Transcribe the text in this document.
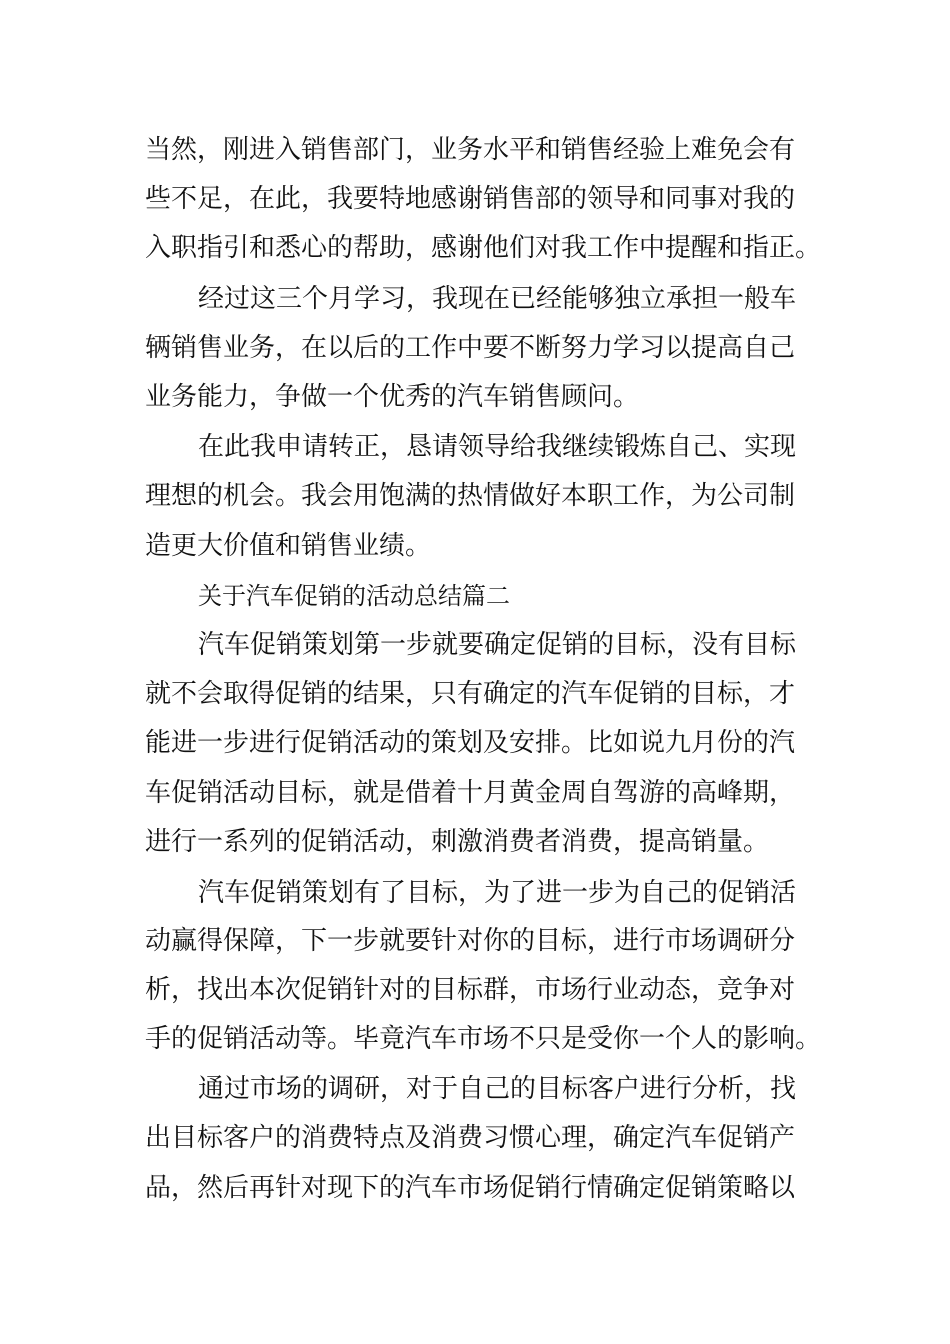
当然，刚进入销售部门，业务水平和销售经验上难免会有

些不足，在此，我要特地感谢销售部的领导和同事对我的

入职指引和悉心的帮助，感谢他们对我工作中提醒和指正。

经过这三个月学习，我现在已经能够独立承担一般车

辆销售业务，在以后的工作中要不断努力学习以提高自己

业务能力，争做一个优秀的汽车销售顾问。

在此我申请转正，恳请领导给我继续锻炼自己、实现

理想的机会。我会用饱满的热情做好本职工作，为公司制

造更大价值和销售业绩。

关于汽车促销的活动总结篇二

汽车促销策划第一步就要确定促销的目标，没有目标

就不会取得促销的结果，只有确定的汽车促销的目标，才

能进一步进行促销活动的策划及安排。比如说九月份的汽

车促销活动目标，就是借着十月黄金周自驾游的高峰期，

进行一系列的促销活动，刺激消费者消费，提高销量。

汽车促销策划有了目标，为了进一步为自己的促销活

动赢得保障，下一步就要针对你的目标，进行市场调研分

析，找出本次促销针对的目标群，市场行业动态，竞争对

手的促销活动等。毕竟汽车市场不只是受你一个人的影响。

通过市场的调研，对于自己的目标客户进行分析，找

出目标客户的消费特点及消费习惯心理，确定汽车促销产

品，然后再针对现下的汽车市场促销行情确定促销策略以
